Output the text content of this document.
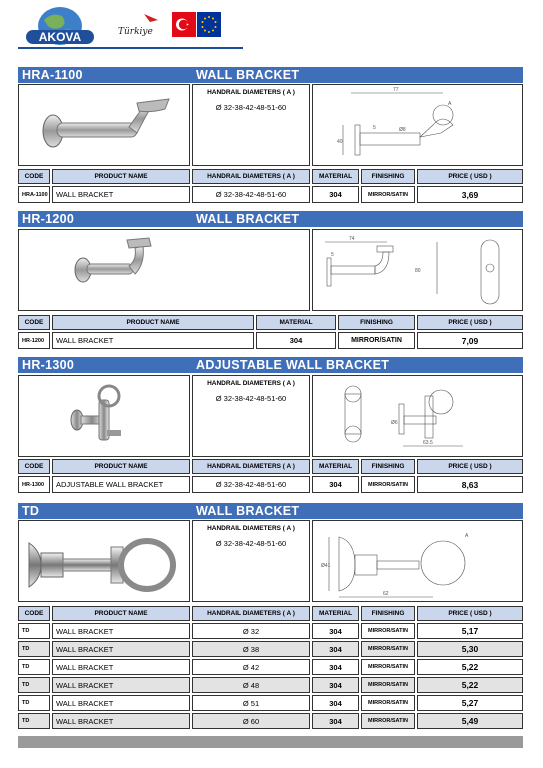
AKOVA	Türkiye
HRA-1100	WALL BRACKET
HANDRAIL DIAMETERS ( A )
Ø 32-38-42-48-51-60
77
A
40
5	Ø8
CODE	PRODUCT NAME	HANDRAIL DIAMETERS ( A )	MATERIAL	FINISHING	PRICE ( USD )
HRA-1100	WALL BRACKET	Ø 32-38-42-48-51-60	304	MIRROR/SATIN	3,69
HR-1200	WALL BRACKET
74
80
5
CODE	PRODUCT NAME	MATERIAL	FINISHING	PRICE ( USD )
HR-1200	WALL BRACKET	304	MIRROR/SATIN	7,09
HR-1300	ADJUSTABLE WALL BRACKET
HANDRAIL DIAMETERS ( A )
Ø 32-38-42-48-51-60
63.5
Ø6
CODE	PRODUCT NAME	HANDRAIL DIAMETERS ( A )	MATERIAL	FINISHING	PRICE ( USD )
HR-1300	ADJUSTABLE WALL BRACKET	Ø 32-38-42-48-51-60	304	MIRROR/SATIN	8,63
TD	WALL BRACKET
HANDRAIL DIAMETERS ( A )
Ø 32-38-42-48-51-60
A
Ø41
62
CODE	PRODUCT NAME	HANDRAIL DIAMETERS ( A )	MATERIAL	FINISHING	PRICE ( USD )
TD	WALL BRACKET	Ø 32	304	MIRROR/SATIN	5,17
TD	WALL BRACKET	Ø 38	304	MIRROR/SATIN	5,30
TD	WALL BRACKET	Ø 42	304	MIRROR/SATIN	5,22
TD	WALL BRACKET	Ø 48	304	MIRROR/SATIN	5,22
TD	WALL BRACKET	Ø 51	304	MIRROR/SATIN	5,27
TD	WALL BRACKET	Ø 60	304	MIRROR/SATIN	5,49
